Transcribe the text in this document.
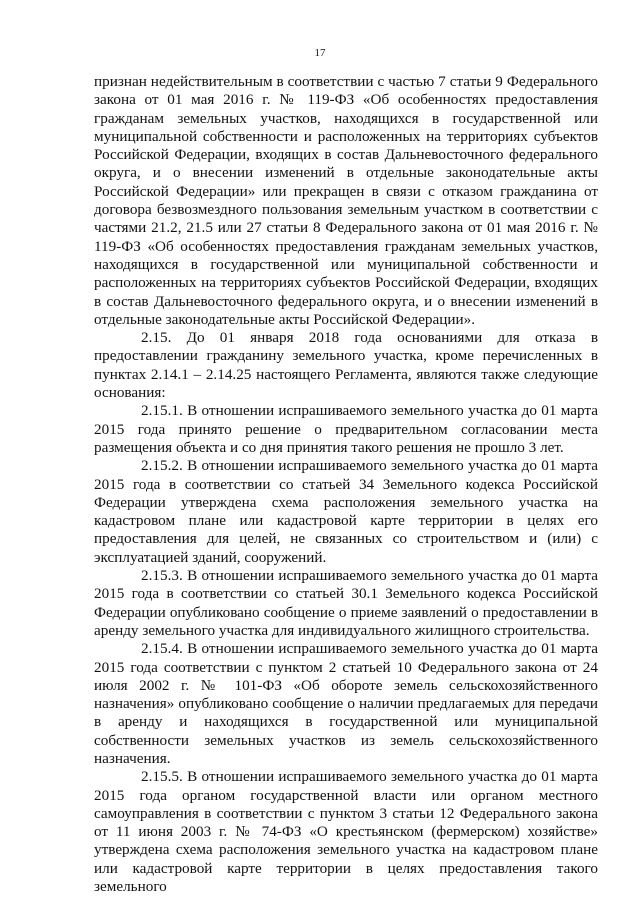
17

признан недействительным в соответствии с частью 7 статьи 9 Федерального закона от 01 мая 2016 г. № 119-ФЗ «Об особенностях предоставления гражданам земельных участков, находящихся в государственной или муниципальной собственности и расположенных на территориях субъектов Российской Федерации, входящих в состав Дальневосточного федерального округа, и о внесении изменений в отдельные законодательные акты Российской Федерации» или прекращен в связи с отказом гражданина от договора безвозмездного пользования земельным участком в соответствии с частями 21.2, 21.5 или 27 статьи 8 Федерального закона от 01 мая 2016 г. № 119-ФЗ «Об особенностях предоставления гражданам земельных участков, находящихся в государственной или муниципальной собственности и расположенных на территориях субъектов Российской Федерации, входящих в состав Дальневосточного федерального округа, и о внесении изменений в отдельные законодательные акты Российской Федерации».

2.15. До 01 января 2018 года основаниями для отказа в предоставлении гражданину земельного участка, кроме перечисленных в пунктах 2.14.1 – 2.14.25 настоящего Регламента, являются также следующие основания:

2.15.1. В отношении испрашиваемого земельного участка до 01 марта 2015 года принято решение о предварительном согласовании места размещения объекта и со дня принятия такого решения не прошло 3 лет.

2.15.2. В отношении испрашиваемого земельного участка до 01 марта 2015 года в соответствии со статьей 34 Земельного кодекса Российской Федерации утверждена схема расположения земельного участка на кадастровом плане или кадастровой карте территории в целях его предоставления для целей, не связанных со строительством и (или) с эксплуатацией зданий, сооружений.

2.15.3. В отношении испрашиваемого земельного участка до 01 марта 2015 года в соответствии со статьей 30.1 Земельного кодекса Российской Федерации опубликовано сообщение о приеме заявлений о предоставлении в аренду земельного участка для индивидуального жилищного строительства.

2.15.4. В отношении испрашиваемого земельного участка до 01 марта 2015 года соответствии с пунктом 2 статьей 10 Федерального закона от 24 июля 2002 г. № 101-ФЗ «Об обороте земель сельскохозяйственного назначения» опубликовано сообщение о наличии предлагаемых для передачи в аренду и находящихся в государственной или муниципальной собственности земельных участков из земель сельскохозяйственного назначения.

2.15.5. В отношении испрашиваемого земельного участка до 01 марта 2015 года органом государственной власти или органом местного самоуправления в соответствии с пунктом 3 статьи 12 Федерального закона от 11 июня 2003 г. № 74-ФЗ «О крестьянском (фермерском) хозяйстве» утверждена схема расположения земельного участка на кадастровом плане или кадастровой карте территории в целях предоставления такого земельного
